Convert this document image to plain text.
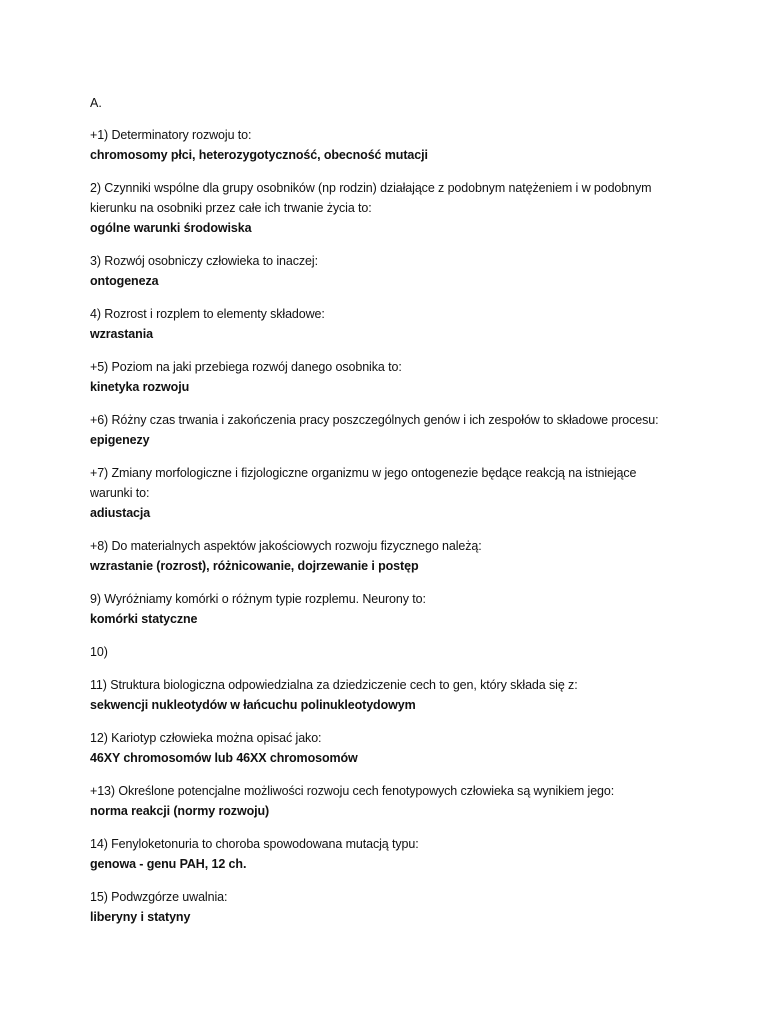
A.
+1) Determinatory rozwoju to:
chromosomy płci, heterozygotyczność, obecność mutacji
2) Czynniki wspólne dla grupy osobników (np rodzin) działające z podobnym natężeniem i w podobnym
kierunku na osobniki przez całe ich trwanie życia to:
ogólne warunki środowiska
3) Rozwój osobniczy człowieka to inaczej:
ontogeneza
4) Rozrost i rozplem to elementy składowe:
wzrastania
+5) Poziom na jaki przebiega rozwój danego osobnika to:
kinetyka rozwoju
+6) Różny czas trwania i zakończenia pracy poszczególnych genów i ich zespołów to składowe procesu:
epigenezy
+7) Zmiany morfologiczne i fizjologiczne organizmu w jego ontogenezie będące reakcją na istniejące
warunki to:
adiustacja
+8) Do materialnych aspektów jakościowych rozwoju fizycznego należą:
wzrastanie (rozrost), różnicowanie, dojrzewanie i postęp
9) Wyróżniamy komórki o różnym typie rozplemu. Neurony to:
komórki statyczne
10)
11) Struktura biologiczna odpowiedzialna za dziedziczenie cech to gen, który składa się z:
sekwencji nukleotydów w łańcuchu polinukleotydowym
12) Kariotyp człowieka można opisać jako:
46XY chromosomów lub 46XX chromosomów
+13) Określone potencjalne możliwości rozwoju cech fenotypowych człowieka są wynikiem jego:
norma reakcji (normy rozwoju)
14) Fenyloketonuria to choroba spowodowana mutacją typu:
genowa - genu PAH, 12 ch.
15) Podwzgórze uwalnia:
liberyny i statyny
